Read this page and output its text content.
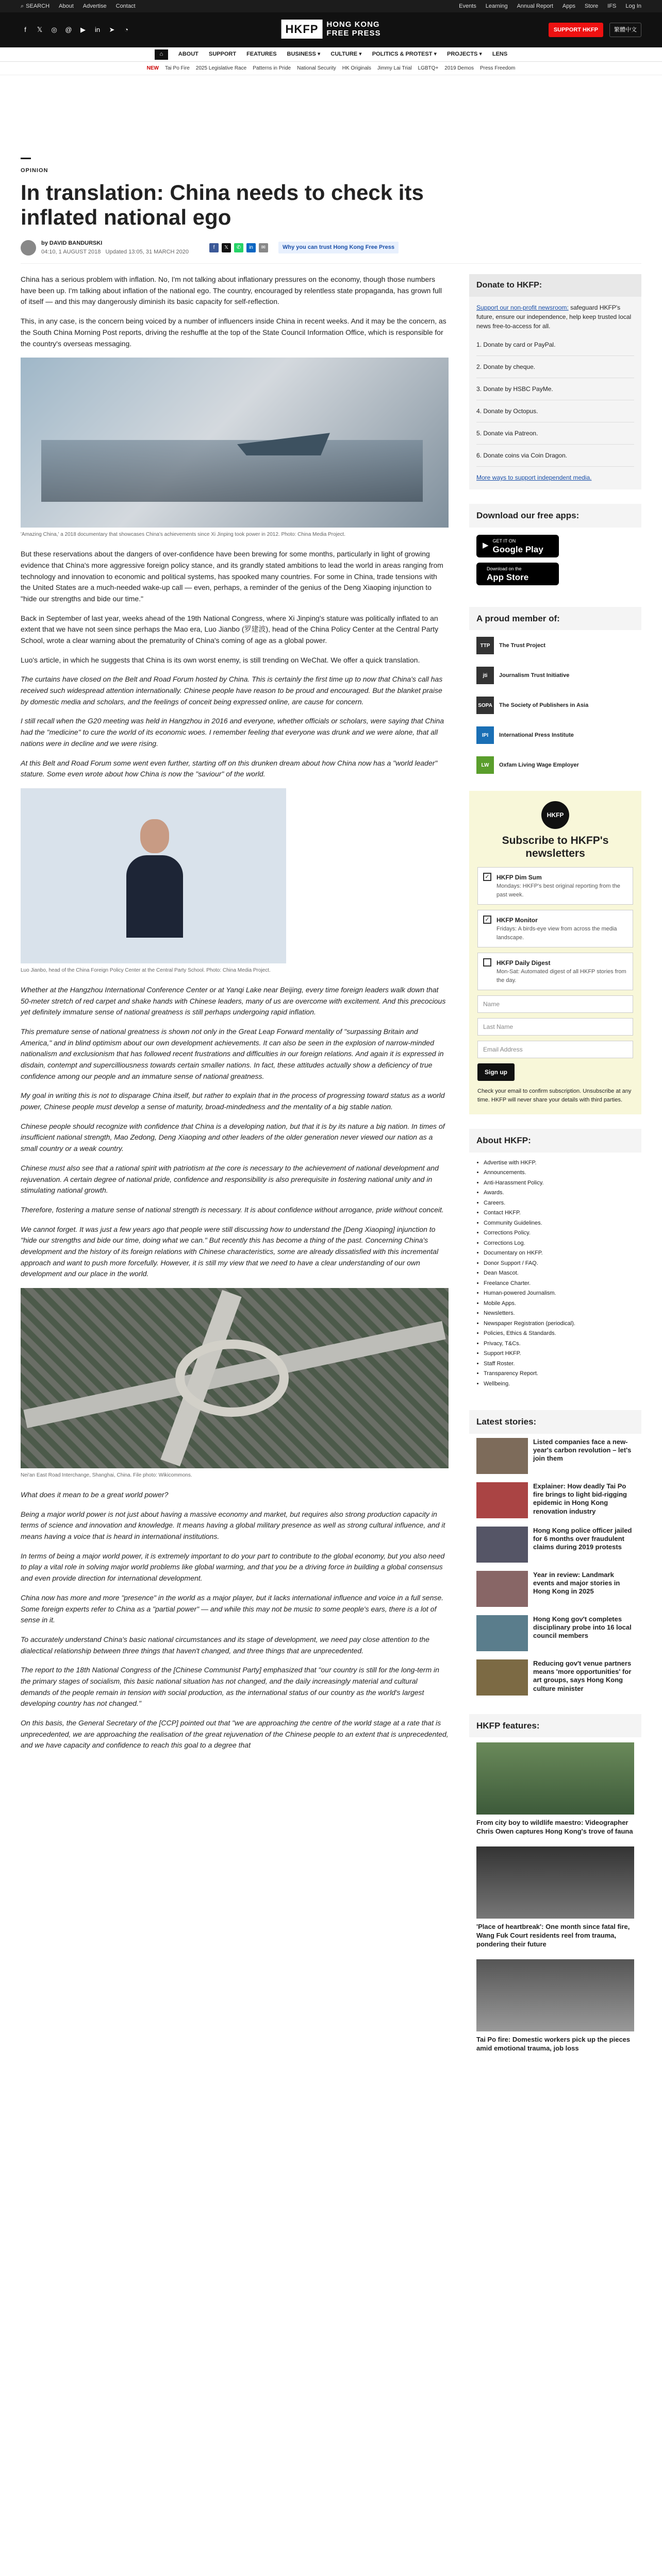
⌕ SEARCH About Advertise Contact	Events Learning Annual Report Apps Store IFS Log In
f	𝕏 ◎ @	▶	in	➤	◔	HKFP	HONG KONG
FREE PRESS	SUPPORT HKFP	繁體中文
⌂	ABOUT SUPPORT FEATURES BUSINESS ▾ CULTURE ▾ POLITICS & PROTEST ▾ PROJECTS ▾ LENS
NEW Tai Po Fire 2025 Legislative Race Patterns in Pride National Security HK Originals Jimmy Lai Trial LGBTQ+ 2019 Demos Press Freedom
OPINION
In translation: China needs to check its inflated national ego
by DAVID BANDURSKI
04:10, 1 AUGUST 2018 Updated 13:05, 31 MARCH 2020
f	𝕏	✆	in	✉	Why you can trust Hong Kong Free Press

China has a serious problem with inflation. No, I'm not talking about inflationary pressures on the economy, though those numbers have been up. I'm talking about inflation of the national ego. The country, encouraged by relentless state propaganda, has grown full of itself — and this may dangerously diminish its basic capacity for self-reflection.

This, in any case, is the concern being voiced by a number of influencers inside China in recent weeks. And it may be the concern, as the South China Morning Post reports, driving the reshuffle at the top of the State Council Information Office, which is responsible for the country's overseas messaging.

'Amazing China,' a 2018 documentary that showcases China's achievements since Xi Jinping took power in 2012. Photo: China Media Project.

But these reservations about the dangers of over-confidence have been brewing for some months, particularly in light of growing evidence that China's more aggressive foreign policy stance, and its grandly stated ambitions to lead the world in areas ranging from technology and innovation to economic and political systems, has spooked many countries. For some in China, trade tensions with the United States are a much-needed wake-up call — even, perhaps, a reminder of the genius of the Deng Xiaoping injunction to "hide our strengths and bide our time."

Back in September of last year, weeks ahead of the 19th National Congress, where Xi Jinping's stature was politically inflated to an extent that we have not seen since perhaps the Mao era, Luo Jianbo (罗建波), head of the China Policy Center at the Central Party School, wrote a clear warning about the prematurity of China's coming of age as a global power.

Luo's article, in which he suggests that China is its own worst enemy, is still trending on WeChat. We offer a quick translation.

The curtains have closed on the Belt and Road Forum hosted by China. This is certainly the first time up to now that China's call has received such widespread attention internationally. Chinese people have reason to be proud and encouraged. But the blanket praise by domestic media and scholars, and the feelings of conceit being expressed online, are cause for concern.

I still recall when the G20 meeting was held in Hangzhou in 2016 and everyone, whether officials or scholars, were saying that China had the "medicine" to cure the world of its economic woes. I remember feeling that everyone was drunk and we were alone, that all nations were in decline and we were rising.

At this Belt and Road Forum some went even further, starting off on this drunken dream about how China now has a "world leader" stature. Some even wrote about how China is now the "saviour" of the world.

Luo Jianbo, head of the China Foreign Policy Center at the Central Party School. Photo: China Media Project.

Whether at the Hangzhou International Conference Center or at Yanqi Lake near Beijing, every time foreign leaders walk down that 50-meter stretch of red carpet and shake hands with Chinese leaders, many of us are overcome with excitement. And this precocious yet definitely immature sense of national greatness is still perhaps undergoing rapid inflation.

This premature sense of national greatness is shown not only in the Great Leap Forward mentality of "surpassing Britain and America," and in blind optimism about our own development achievements. It can also be seen in the explosion of narrow-minded nationalism and exclusionism that has followed recent frustrations and difficulties in our foreign relations. And again it is expressed in disdain, contempt and supercilliousness towards certain smaller nations. In fact, these attitudes actually show a deficiency of true confidence among our people and an immature sense of national greatness.

My goal in writing this is not to disparage China itself, but rather to explain that in the process of progressing toward status as a world power, Chinese people must develop a sense of maturity, broad-mindedness and the mentality of a big stable nation.

Chinese people should recognize with confidence that China is a developing nation, but that it is by its nature a big nation. In times of insufficient national strength, Mao Zedong, Deng Xiaoping and other leaders of the older generation never viewed our nation as a small country or a weak country.

Chinese must also see that a rational spirit with patriotism at the core is necessary to the achievement of national development and rejuvenation. A certain degree of national pride, confidence and responsibility is also prerequisite in fostering national unity and in stimulating national growth.

Therefore, fostering a mature sense of national strength is necessary. It is about confidence without arrogance, pride without conceit.

We cannot forget. It was just a few years ago that people were still discussing how to understand the [Deng Xiaoping] injunction to "hide our strengths and bide our time, doing what we can." But recently this has become a thing of the past. Concerning China's development and the history of its foreign relations with Chinese characteristics, some are already dissatisfied with this incremental approach and want to push more forcefully. However, it is still my view that we need to have a clear understanding of our own development and our place in the world.

Nei'an East Road Interchange, Shanghai, China. File photo: Wikicommons.

What does it mean to be a great world power?

Being a major world power is not just about having a massive economy and market, but requires also strong production capacity in terms of science and innovation and knowledge. It means having a global military presence as well as strong cultural influence, and it means having a voice that is heard in international institutions.

In terms of being a major world power, it is extremely important to do your part to contribute to the global economy, but you also need to play a vital role in solving major world problems like global warming, and that you be a driving force in building a global consensus and even provide direction for international development.

China now has more and more "presence" in the world as a major player, but it lacks international influence and voice in a full sense. Some foreign experts refer to China as a "partial power" — and while this may not be music to some people's ears, there is a lot of sense in it.

To accurately understand China's basic national circumstances and its stage of development, we need pay close attention to the dialectical relationship between three things that haven't changed, and three things that are unprecedented.

The report to the 18th National Congress of the [Chinese Communist Party] emphasized that "our country is still for the long-term in the primary stages of socialism, this basic national situation has not changed, and the daily increasingly material and cultural demands of the people remain in tension with social production, as the international status of our country as the world's largest developing country has not changed."

On this basis, the General Secretary of the [CCP] pointed out that "we are approaching the centre of the world stage at a rate that is unprecedented, we are approaching the realisation of the great rejuvenation of the Chinese people to an extent that is unprecedented, and we have capacity and confidence to reach this goal to a degree that

Donate to HKFP:
Support our non-profit newsroom: safeguard HKFP's future, ensure our independence, help keep trusted local news free-to-access for all.
1. Donate by card or PayPal.
2. Donate by cheque.
3. Donate by HSBC PayMe.
4. Donate by Octopus.
5. Donate via Patreon.
6. Donate coins via Coin Dragon.
More ways to support independent media.
Download our free apps:
▶ GET IT ON
Google Play
Download on the
App Store
A proud member of:
TTP	The Trust Project
jti	Journalism Trust Initiative
SOPA The Society of Publishers in Asia
IPI	International Press Institute
LW	Oxfam Living Wage Employer
HKFP
Subscribe to HKFP's newsletters
✓ HKFP Dim Sum
Mondays: HKFP's best original reporting from the past week.
✓ HKFP Monitor
Fridays: A birds-eye view from across the media landscape.
HKFP Daily Digest
Mon-Sat: Automated digest of all HKFP stories from the day.
Name
Last Name
Email Address
Sign up
Check your email to confirm subscription. Unsubscribe at any time. HKFP will never share your details with third parties.
About HKFP:
• Advertise with HKFP.
• Announcements.
• Anti-Harassment Policy.
• Awards.
• Careers.
• Contact HKFP.
• Community Guidelines.
• Corrections Policy.
• Corrections Log.
• Documentary on HKFP.
• Donor Support / FAQ.
• Dean Mascot.
• Freelance Charter.
• Human-powered Journalism.
• Mobile Apps.
• Newsletters.
• Newspaper Registration (periodical).
• Policies, Ethics & Standards.
• Privacy, T&Cs.
• Support HKFP.
• Staff Roster.
• Transparency Report.
• Wellbeing.
Latest stories:
Listed companies face a new-year's carbon revolution – let's join them
Explainer: How deadly Tai Po fire brings to light bid-rigging epidemic in Hong Kong renovation industry
Hong Kong police officer jailed for 6 months over fraudulent claims during 2019 protests
Year in review: Landmark events and major stories in Hong Kong in 2025
Hong Kong gov't completes disciplinary probe into 16 local council members
Reducing gov't venue partners means 'more opportunities' for art groups, says Hong Kong culture minister
HKFP features:
From city boy to wildlife maestro: Videographer Chris Owen captures Hong Kong's trove of fauna
'Place of heartbreak': One month since fatal fire, Wang Fuk Court residents reel from trauma, pondering their future
Tai Po fire: Domestic workers pick up the pieces amid emotional trauma, job loss
